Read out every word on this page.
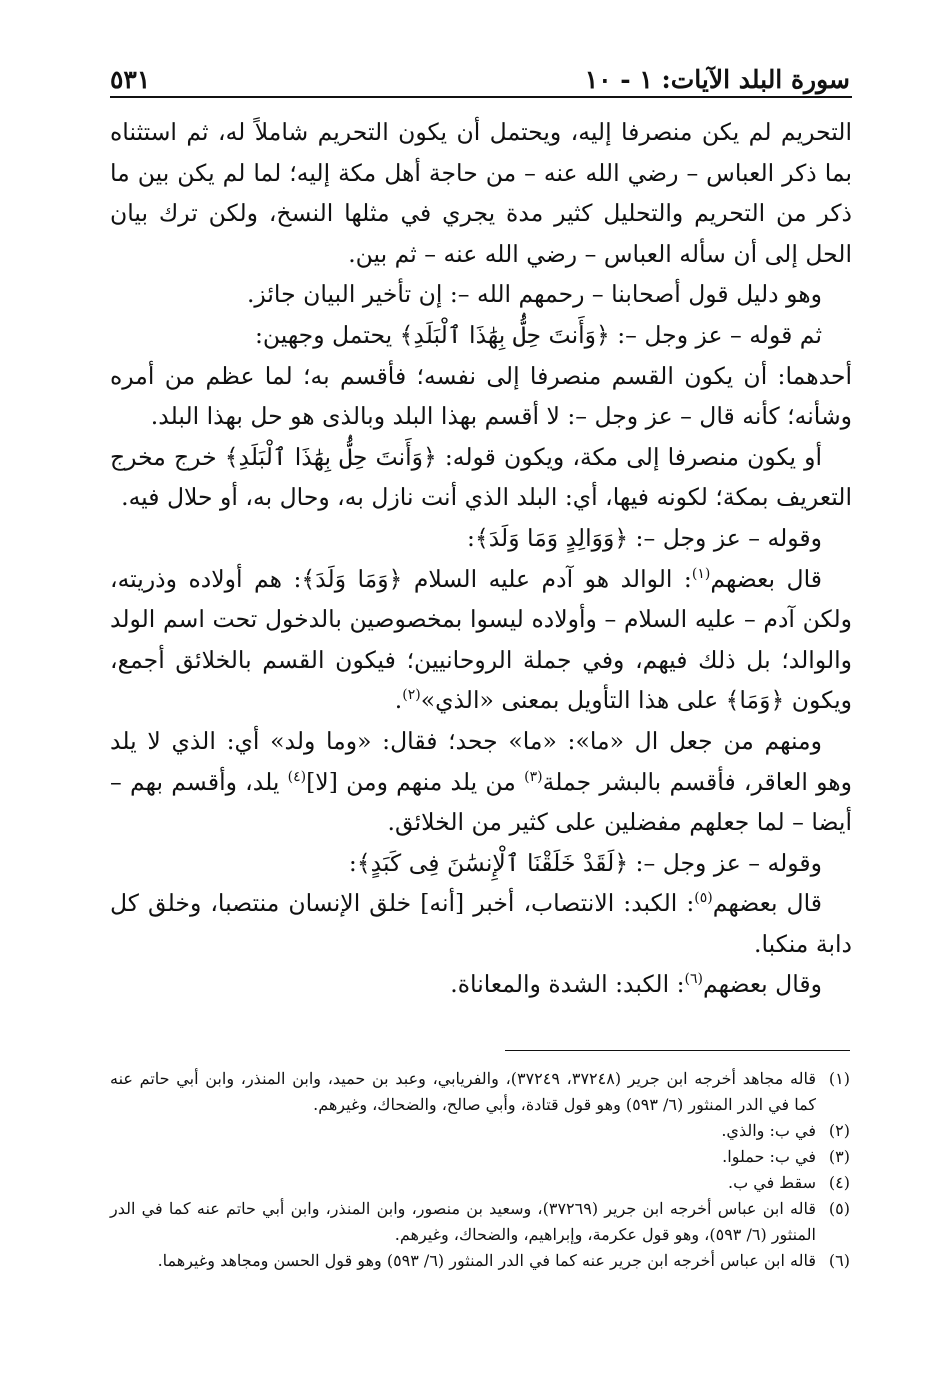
سورة البلد الآيات: ١ - ١٠
٥٣١

التحريم لم يكن منصرفا إليه، ويحتمل أن يكون التحريم شاملاً له، ثم استثناه بما ذكر العباس – رضي الله عنه – من حاجة أهل مكة إليه؛ لما لم يكن بين ما ذكر من التحريم والتحليل كثير مدة يجري في مثلها النسخ، ولكن ترك بيان الحل إلى أن سأله العباس – رضي الله عنه – ثم بين.

وهو دليل قول أصحابنا – رحمهم الله –: إن تأخير البيان جائز.

ثم قوله – عز وجل –: ﴿وَأَنتَ حِلُّۢ بِهَٰذَا ٱلْبَلَدِ﴾ يحتمل وجهين:

أحدهما: أن يكون القسم منصرفا إلى نفسه؛ فأقسم به؛ لما عظم من أمره وشأنه؛ كأنه قال – عز وجل –: لا أقسم بهذا البلد وبالذى هو حل بهذا البلد.

أو يكون منصرفا إلى مكة، ويكون قوله: ﴿وَأَنتَ حِلُّۢ بِهَٰذَا ٱلْبَلَدِ﴾ خرج مخرج التعريف بمكة؛ لكونه فيها، أي: البلد الذي أنت نازل به، وحال به، أو حلال فيه.

وقوله – عز وجل –: ﴿وَوَالِدٍ وَمَا وَلَدَ﴾:

قال بعضهم$^{(١)}$: الوالد هو آدم عليه السلام ﴿وَمَا وَلَدَ﴾: هم أولاده وذريته، ولكن آدم – عليه السلام – وأولاده ليسوا بمخصوصين بالدخول تحت اسم الولد والوالد؛ بل ذلك فيهم، وفي جملة الروحانيين؛ فيكون القسم بالخلائق أجمع، ويكون ﴿وَمَا﴾ على هذا التأويل بمعنى «الذي»$^{(٢)}$.

ومنهم من جعل ال «ما»: «ما» جحد؛ فقال: «وما ولد» أي: الذي لا يلد وهو العاقر، فأقسم بالبشر جملة$^{(٣)}$ من يلد منهم ومن [لا]$^{(٤)}$ يلد، وأقسم بهم – أيضا – لما جعلهم مفضلين على كثير من الخلائق.

وقوله – عز وجل –: ﴿لَقَدْ خَلَقْنَا ٱلْإِنسَٰنَ فِى كَبَدٍ﴾:

قال بعضهم$^{(٥)}$: الكبد: الانتصاب، أخبر [أنه] خلق الإنسان منتصبا، وخلق كل دابة منكبا.

وقال بعضهم$^{(٦)}$: الكبد: الشدة والمعاناة.

(١)
قاله مجاهد أخرجه ابن جرير (٣٧٢٤٨، ٣٧٢٤٩)، والفريابي، وعبد بن حميد، وابن المنذر، وابن أبي حاتم عنه كما في الدر المنثور (٦/ ٥٩٣) وهو قول قتادة، وأبي صالح، والضحاك، وغيرهم.
(٢)
في ب: والذي.
(٣)
في ب: حملوا.
(٤)
سقط في ب.
(٥)
قاله ابن عباس أخرجه ابن جرير (٣٧٢٦٩)، وسعيد بن منصور، وابن المنذر، وابن أبي حاتم عنه كما في الدر المنثور (٦/ ٥٩٣)، وهو قول عكرمة، وإبراهيم، والضحاك، وغيرهم.
(٦)
قاله ابن عباس أخرجه ابن جرير عنه كما في الدر المنثور (٦/ ٥٩٣) وهو قول الحسن ومجاهد وغيرهما.
